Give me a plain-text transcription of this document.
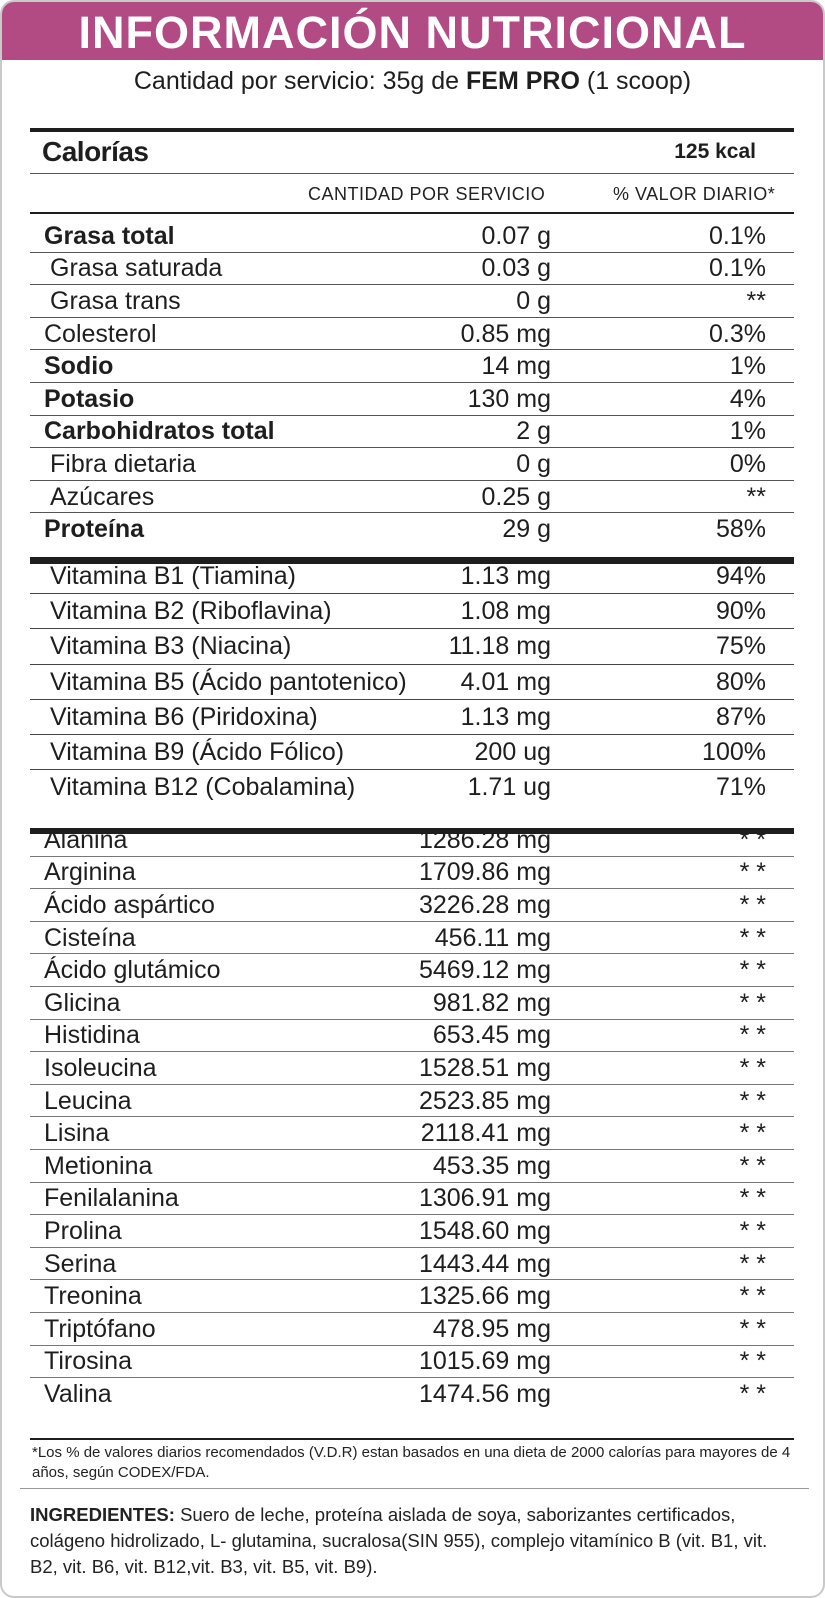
INFORMACIÓN NUTRICIONAL
Cantidad por servicio: 35g de FEM PRO (1 scoop)
Calorías	125 kcal
CANTIDAD POR SERVICIO	% VALOR DIARIO*
Grasa total	0.07 g	0.1%
Grasa saturada	0.03 g	0.1%
Grasa trans	0 g	**
Colesterol	0.85 mg	0.3%
Sodio	14 mg	1%
Potasio	130 mg	4%
Carbohidratos total	2 g	1%
Fibra dietaria	0 g	0%
Azúcares	0.25 g	**
Proteína	29 g	58%
Vitamina B1 (Tiamina)	1.13 mg	94%
Vitamina B2 (Riboflavina)	1.08 mg	90%
Vitamina B3 (Niacina)	11.18 mg	75%
Vitamina B5 (Ácido pantotenico) 4.01 mg	80%
Vitamina B6 (Piridoxina)	1.13 mg	87%
Vitamina B9 (Ácido Fólico)	200 ug	100%
Vitamina B12 (Cobalamina)	1.71 ug	71%
Alanina	1286.28 mg	* *
Arginina	1709.86 mg	* *
Ácido aspártico	3226.28 mg	* *
Cisteína	456.11 mg	* *
Ácido glutámico	5469.12 mg	* *
Glicina	981.82 mg	* *
Histidina	653.45 mg	* *
Isoleucina	1528.51 mg	* *
Leucina	2523.85 mg	* *
Lisina	2118.41 mg	* *
Metionina	453.35 mg	* *
Fenilalanina	1306.91 mg	* *
Prolina	1548.60 mg	* *
Serina	1443.44 mg	* *
Treonina	1325.66 mg	* *
Triptófano	478.95 mg	* *
Tirosina	1015.69 mg	* *
Valina	1474.56 mg	* *
*Los % de valores diarios recomendados (V.D.R) estan basados en una dieta de 2000 calorías para mayores de 4 años, según CODEX/FDA.
INGREDIENTES: Suero de leche, proteína aislada de soya, saborizantes certificados, colágeno hidrolizado, L- glutamina, sucralosa(SIN 955), complejo vitamínico B (vit. B1, vit. B2, vit. B6, vit. B12,vit. B3, vit. B5, vit. B9).
